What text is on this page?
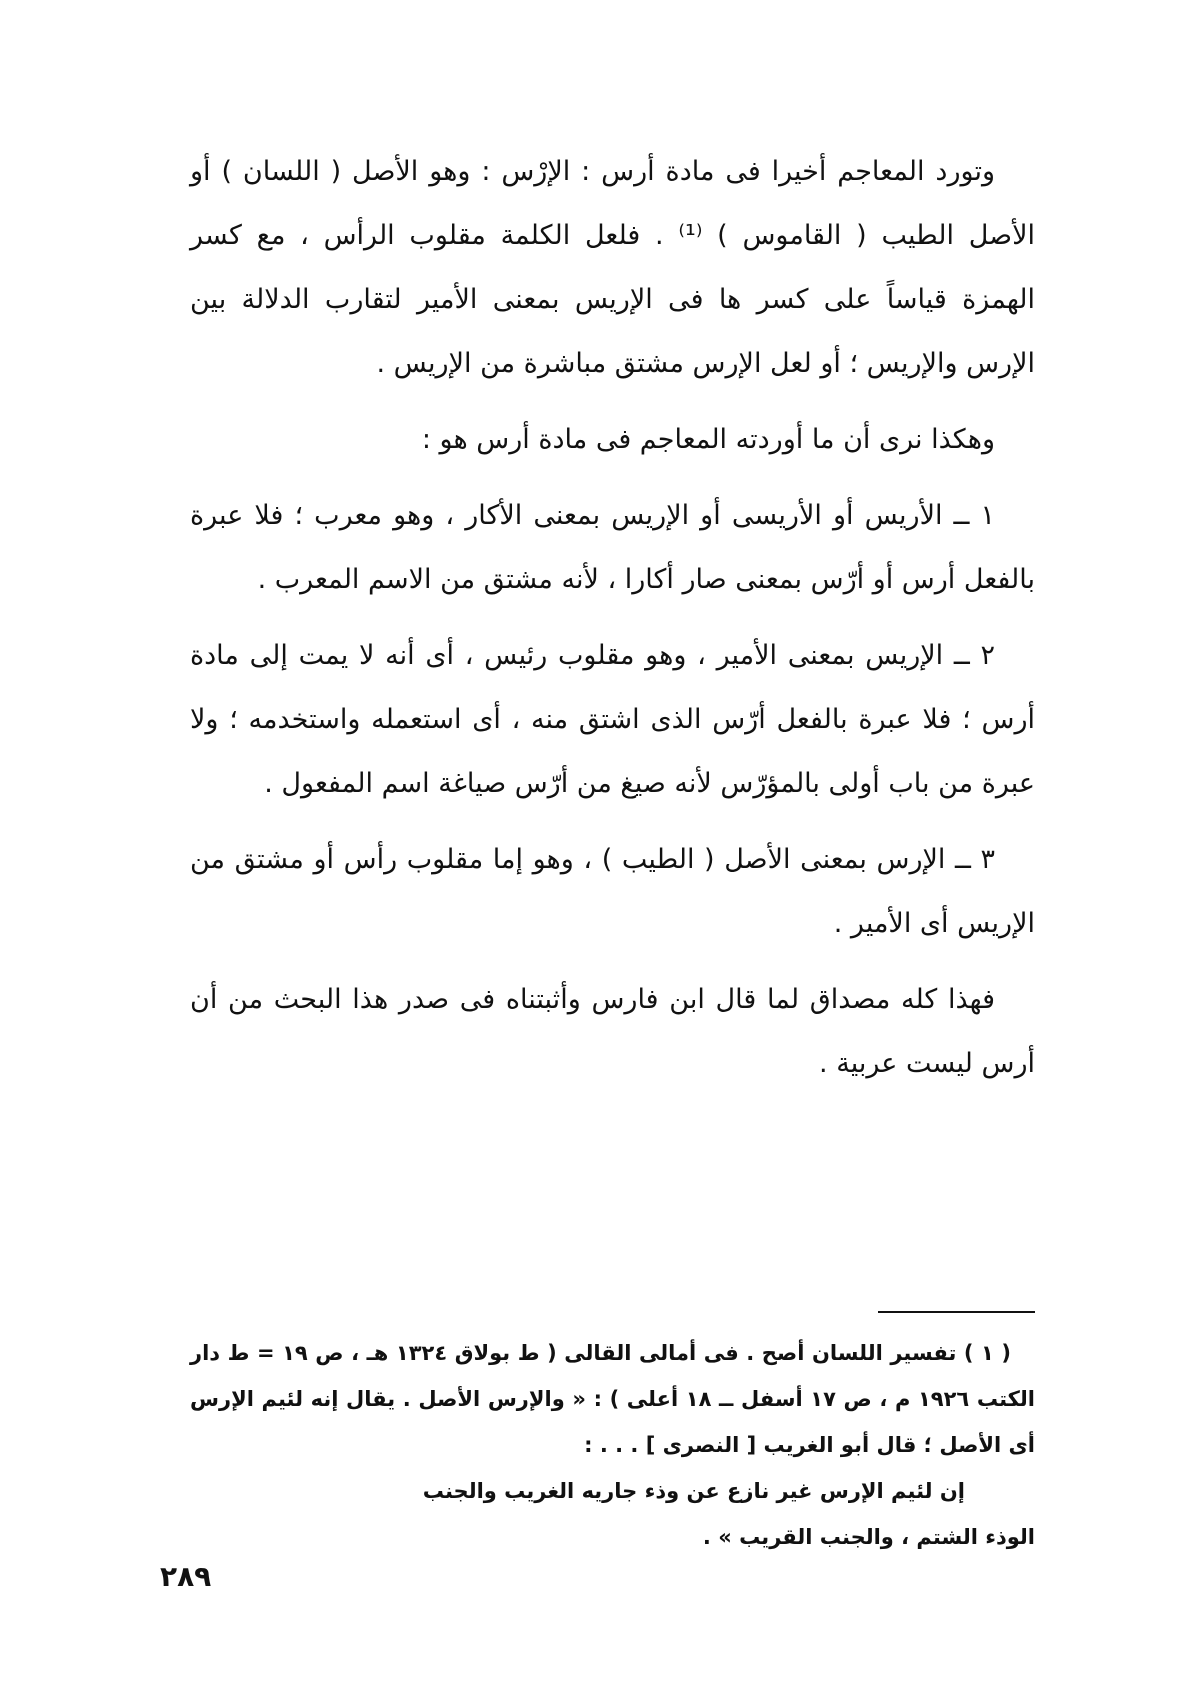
وتورد المعاجم أخيرا فى مادة أرس : الإرْس : وهو الأصل ( اللسان ) أو الأصل الطيب ( القاموس ) ⁽¹⁾ . فلعل الكلمة مقلوب الرأس ، مع كسر الهمزة قياساً على كسر ها فى الإريس بمعنى الأمير لتقارب الدلالة بين الإرس والإريس ؛ أو لعل الإرس مشتق مباشرة من الإريس .

وهكذا نرى أن ما أوردته المعاجم فى مادة أرس هو :

١ ــ الأريس أو الأريسى أو الإريس بمعنى الأكار ، وهو معرب ؛ فلا عبرة بالفعل أرس أو أرّس بمعنى صار أكارا ، لأنه مشتق من الاسم المعرب .

٢ ــ الإريس بمعنى الأمير ، وهو مقلوب رئيس ، أى أنه لا يمت إلى مادة أرس ؛ فلا عبرة بالفعل أرّس الذى اشتق منه ، أى استعمله واستخدمه ؛ ولا عبرة من باب أولى بالمؤرّس لأنه صيغ من أرّس صياغة اسم المفعول .

٣ ــ الإرس بمعنى الأصل ( الطيب ) ، وهو إما مقلوب رأس أو مشتق من الإريس أى الأمير .

فهذا كله مصداق لما قال ابن فارس وأثبتناه فى صدر هذا البحث من أن أرس ليست عربية .

( ١ ) تفسير اللسان أصح . فى أمالى القالى ( ط بولاق ١٣٢٤ هـ ، ص ١٩ = ط دار الكتب ١٩٢٦ م ، ص ١٧ أسفل ــ ١٨ أعلى ) : « والإرس الأصل . يقال إنه لئيم الإرس أى الأصل ؛ قال أبو الغريب [ النصرى ] . . . :

إن لئيم الإرس غير نازع عن وذء جاريه الغريب والجنب

الوذء الشتم ، والجنب القريب » .

٢٨٩
